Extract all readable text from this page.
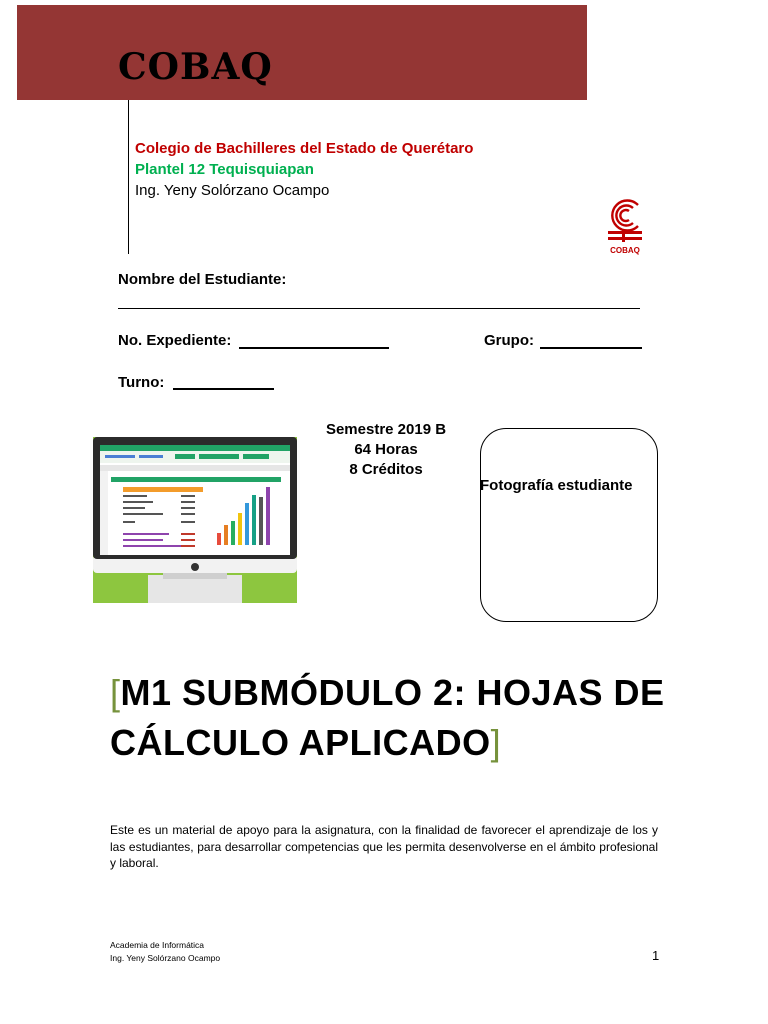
COBAQ
Colegio de Bachilleres del Estado de Querétaro
Plantel 12 Tequisquiapan
Ing. Yeny Solórzano Ocampo
COBAQ
Nombre del Estudiante:
No. Expediente:	Grupo:
Turno:
Semestre 2019 B
64 Horas
8 Créditos
Fotografía estudiante
[M1 SUBMÓDULO 2: HOJAS DE CÁLCULO APLICADO]
Este es un material de apoyo para la asignatura, con la finalidad de favorecer el aprendizaje de los y las estudiantes, para desarrollar competencias que les permita desenvolverse en el ámbito profesional y laboral.
Academia de Informática
Ing. Yeny Solórzano Ocampo	1
